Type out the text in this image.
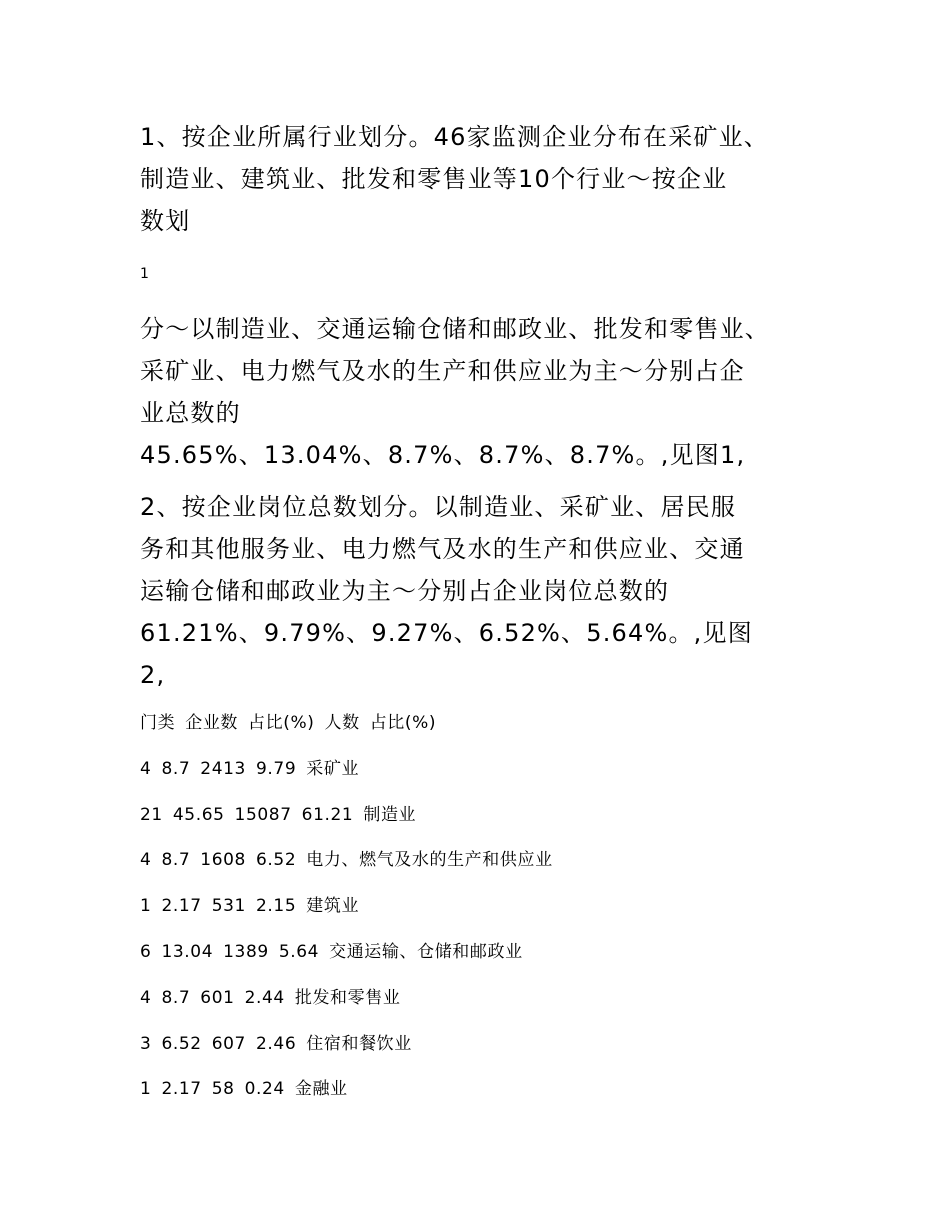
1、按企业所属行业划分。46家监测企业分布在采矿业、
制造业、建筑业、批发和零售业等10个行业～按企业
数划

1

分～以制造业、交通运输仓储和邮政业、批发和零售业、
采矿业、电力燃气及水的生产和供应业为主～分别占企
业总数的
45.65%、13.04%、8.7%、8.7%、8.7%。,见图1,

2、按企业岗位总数划分。以制造业、采矿业、居民服
务和其他服务业、电力燃气及水的生产和供应业、交通
运输仓储和邮政业为主～分别占企业岗位总数的
61.21%、9.79%、9.27%、6.52%、5.64%。,见图
2,

门类 企业数 占比(%) 人数 占比(%)
4 8.7 2413 9.79 采矿业
21 45.65 15087 61.21 制造业
4 8.7 1608 6.52 电力、燃气及水的生产和供应业
1 2.17 531 2.15 建筑业
6 13.04 1389 5.64 交通运输、仓储和邮政业
4 8.7 601 2.44 批发和零售业
3 6.52 607 2.46 住宿和餐饮业
1 2.17 58 0.24 金融业
